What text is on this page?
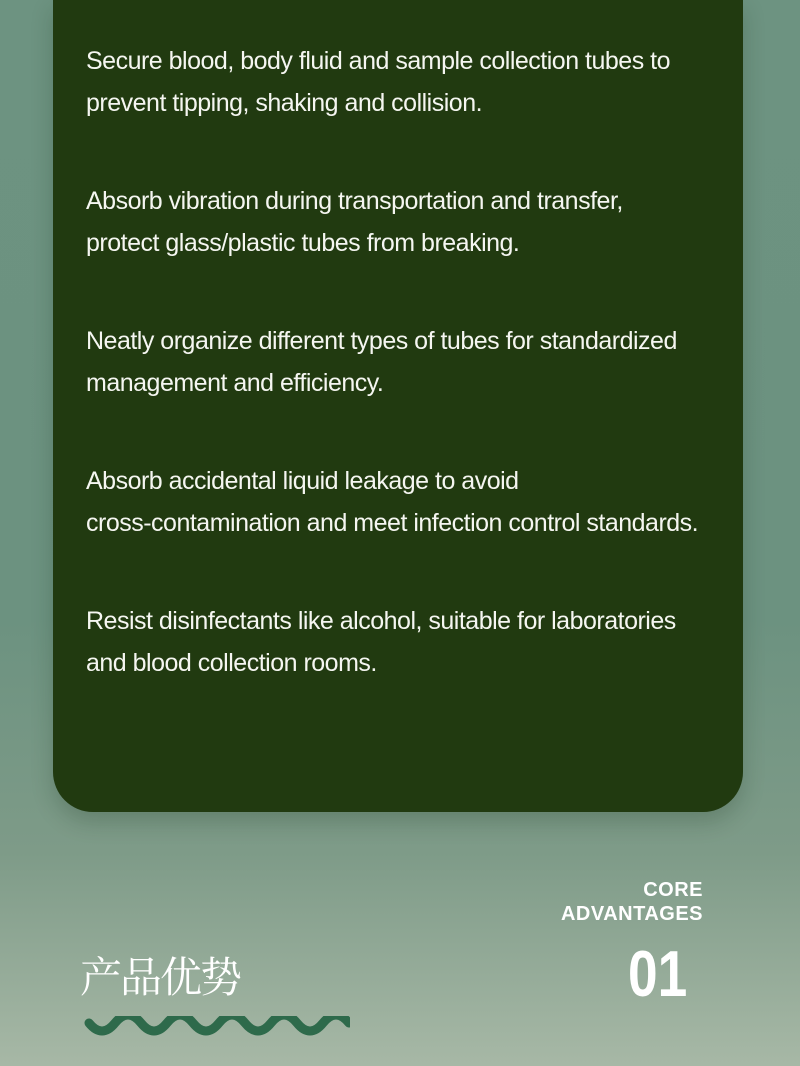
Secure blood, body fluid and sample collection tubes to
prevent tipping, shaking and collision.
Absorb vibration during transportation and transfer,
protect glass/plastic tubes from breaking.
Neatly organize different types of tubes for standardized
management and efficiency.
Absorb accidental liquid leakage to avoid
cross-contamination and meet infection control standards.
Resist disinfectants like alcohol, suitable for laboratories
and blood collection rooms.
CORE
ADVANTAGES
01
产品优势
